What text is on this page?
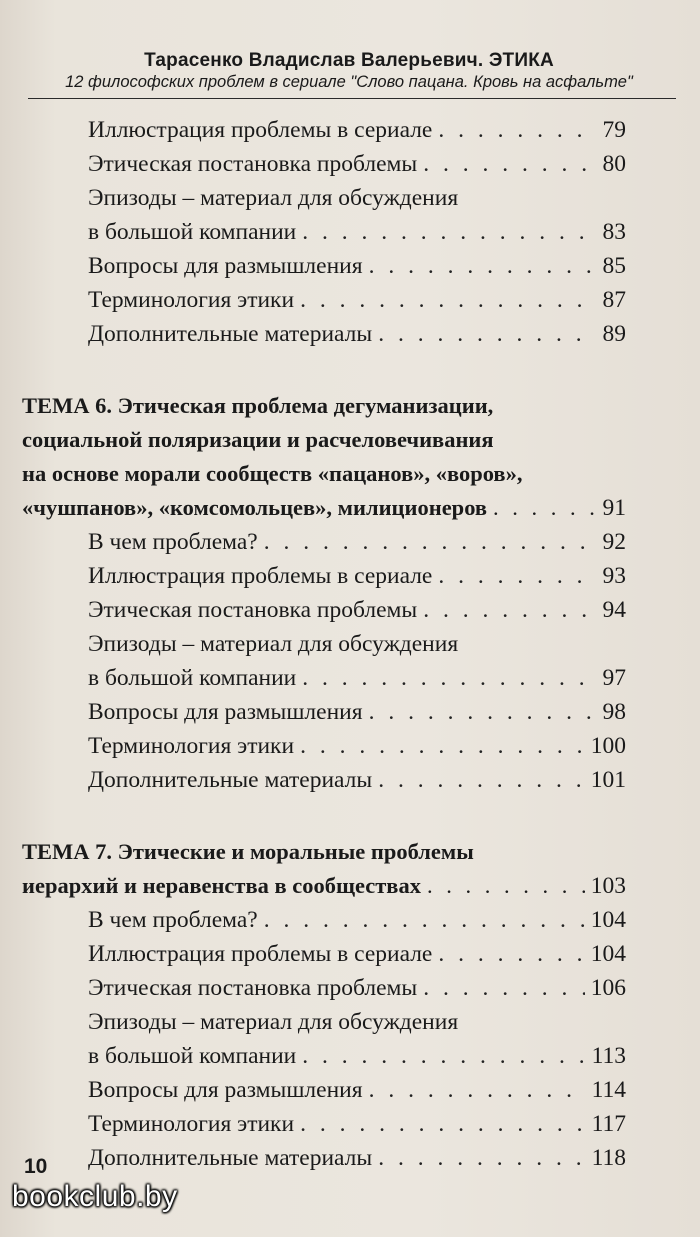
Тарасенко Владислав Валерьевич. ЭТИКА
12 философских проблем в сериале "Слово пацана. Кровь на асфальте"
Иллюстрация проблемы в сериале . . .	79
Этическая постановка проблемы . . .	80
Эпизоды – материал для обсуждения
в большой компании . . .	83
Вопросы для размышления . . .	85
Терминология этики . . .	87
Дополнительные материалы . . .	89
ТЕМА 6. Этическая проблема дегуманизации,
социальной поляризации и расчеловечивания
на основе морали сообществ «пацанов», «воров»,
«чушпанов», «комсомольцев», милиционеров . . .	91
В чем проблема? . . .	92
Иллюстрация проблемы в сериале . . .	93
Этическая постановка проблемы . . .	94
Эпизоды – материал для обсуждения
в большой компании . . .	97
Вопросы для размышления . . .	98
Терминология этики . . .	100
Дополнительные материалы . . .	101
ТЕМА 7. Этические и моральные проблемы
иерархий и неравенства в сообществах . . .	103
В чем проблема? . . .	104
Иллюстрация проблемы в сериале . . .	104
Этическая постановка проблемы . . .	106
Эпизоды – материал для обсуждения
в большой компании . . .	113
Вопросы для размышления . . .	114
Терминология этики . . .	117
Дополнительные материалы . . .	118
10
bookclub.by
